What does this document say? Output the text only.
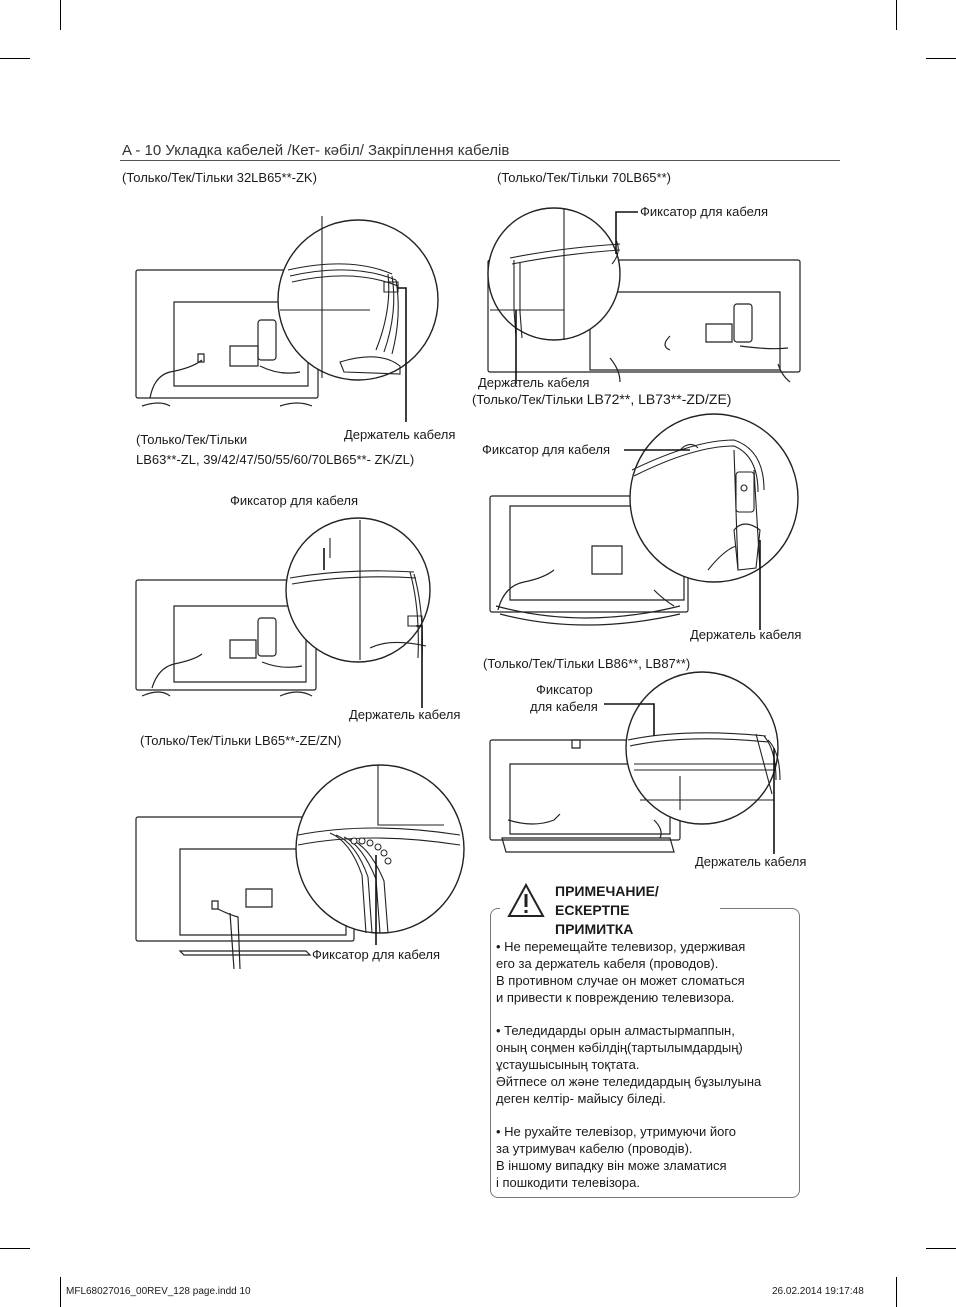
A - 10 Укладка кабелей /Кет- кәбіл/ Закріплення кабелів
(Только/Тек/Тільки 32LB65**-ZK)
Держатель кабеля
(Только/Тек/Тільки
LB63**-ZL, 39/42/47/50/55/60/70LB65**- ZK/ZL)
Фиксатор для кабеля
Держатель кабеля
(Только/Тек/Тільки LB65**-ZE/ZN)
Фиксатор для кабеля
(Только/Тек/Тільки 70LB65**)
Фиксатор для кабеля
Держатель кабеля
(Только/Тек/Тільки LB72**, LB73**-ZD/ZE)
Фиксатор для кабеля
Держатель кабеля
(Только/Тек/Тільки LB86**, LB87**)
Фиксатор
для кабеля
Держатель кабеля
ПРИМЕЧАНИЕ/
ЕСКЕРТПЕ
ПРИМИТКА

• Не перемещайте телевизор, удерживая
его за держатель кабеля (проводов).
В противном случае он может сломаться
и привести к повреждению телевизора.

• Теледидарды орын алмастырмаппын,
оның соңмен кәбілдің(тартылымдардың)
ұстаушысының тоқтата.
Әйтпесе ол және теледидардың бұзылуына
деген келтір- майысу біледі.

• Не рухайте телевізор, утримуючи його
за утримувач кабелю (проводів).
В іншому випадку він може зламатися
і пошкодити телевізора.

MFL68027016_00REV_128 page.indd 10	26.02.2014 19:17:48
